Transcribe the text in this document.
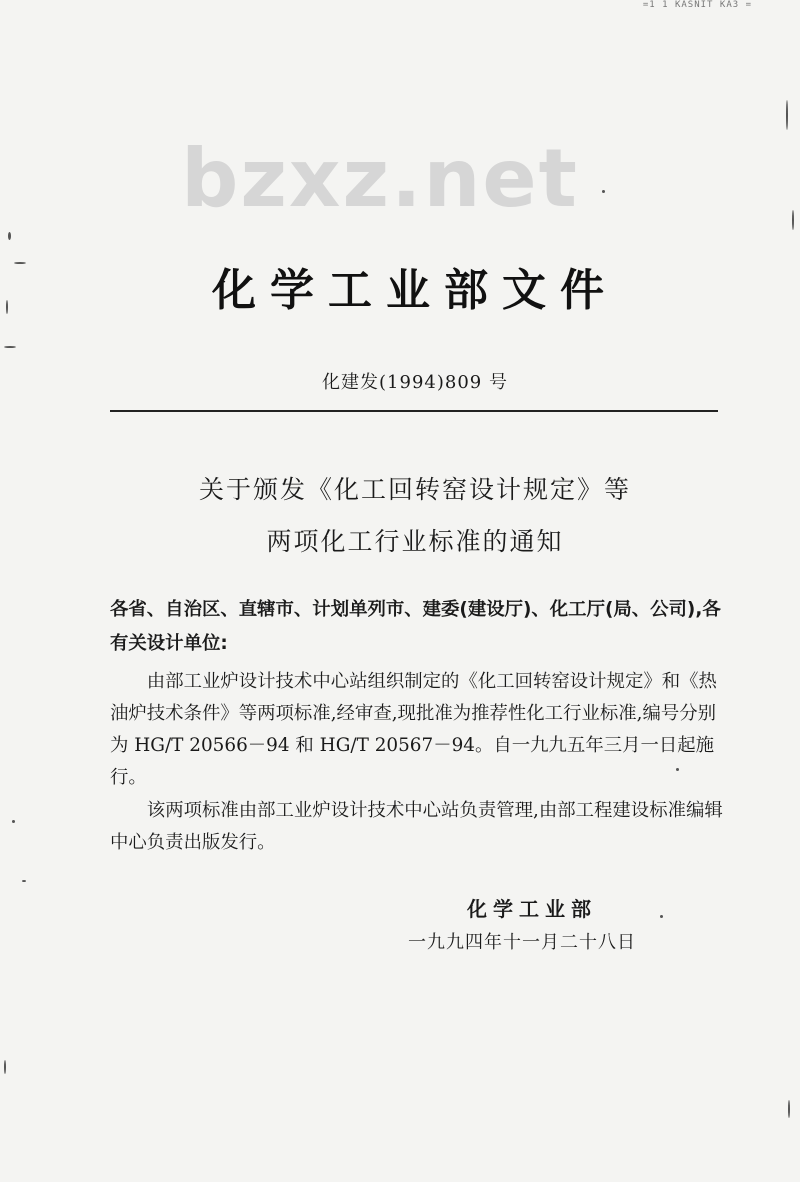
=1 1 KASNIT KA3 =
bzxz.net
化学工业部文件
化建发(1994)809 号
关于颁发《化工回转窑设计规定》等
两项化工行业标准的通知
各省、自治区、直辖市、计划单列市、建委(建设厅)、化工厅(局、公司),各有关设计单位:
由部工业炉设计技术中心站组织制定的《化工回转窑设计规定》和《热油炉技术条件》等两项标准,经审查,现批准为推荐性化工行业标准,编号分别为 HG/T 20566－94 和 HG/T 20567－94。自一九九五年三月一日起施行。
该两项标准由部工业炉设计技术中心站负责管理,由部工程建设标准编辑中心负责出版发行。
化学工业部
一九九四年十一月二十八日
